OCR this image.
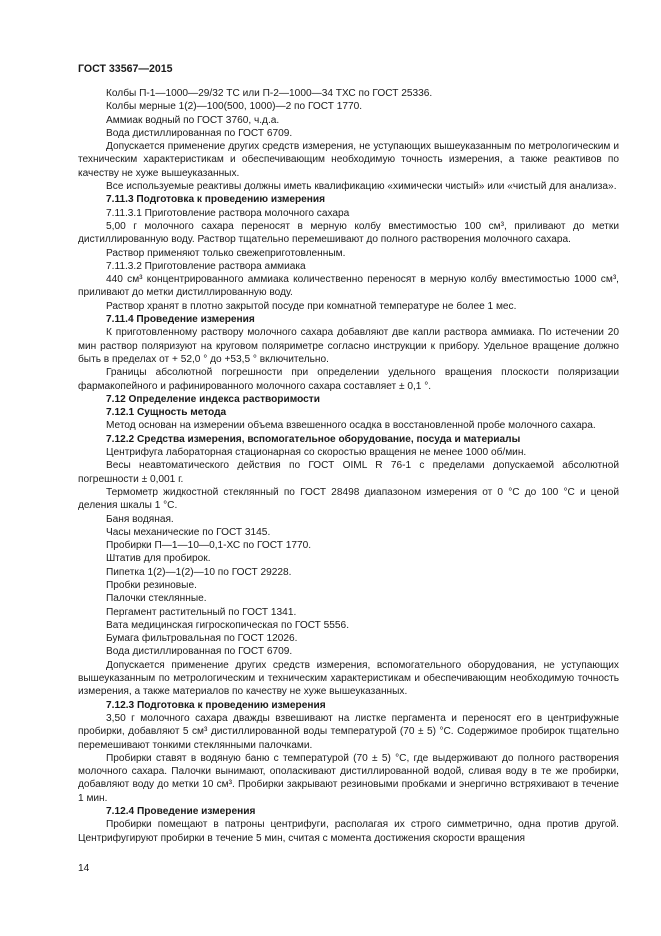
ГОСТ 33567—2015
Колбы П-1—1000—29/32 ТС или П-2—1000—34 ТХС по ГОСТ 25336.
Колбы мерные 1(2)—100(500, 1000)—2 по ГОСТ 1770.
Аммиак водный по ГОСТ 3760, ч.д.а.
Вода дистиллированная по ГОСТ 6709.
Допускается применение других средств измерения, не уступающих вышеуказанным по метрологическим и техническим характеристикам и обеспечивающим необходимую точность измерения, а также реактивов по качеству не хуже вышеуказанных.
Все используемые реактивы должны иметь квалификацию «химически чистый» или «чистый для анализа».
7.11.3 Подготовка к проведению измерения
7.11.3.1 Приготовление раствора молочного сахара
5,00 г молочного сахара переносят в мерную колбу вместимостью 100 см³, приливают до метки дистиллированную воду. Раствор тщательно перемешивают до полного растворения молочного сахара.
Раствор применяют только свежеприготовленным.
7.11.3.2 Приготовление раствора аммиака
440 см³ концентрированного аммиака количественно переносят в мерную колбу вместимостью 1000 см³, приливают до метки дистиллированную воду.
Раствор хранят в плотно закрытой посуде при комнатной температуре не более 1 мес.
7.11.4 Проведение измерения
К приготовленному раствору молочного сахара добавляют две капли раствора аммиака. По истечении 20 мин раствор поляризуют на круговом поляриметре согласно инструкции к прибору. Удельное вращение должно быть в пределах от + 52,0 ° до +53,5 ° включительно.
Границы абсолютной погрешности при определении удельного вращения плоскости поляризации фармакопейного и рафинированного молочного сахара составляет ± 0,1 °.
7.12 Определение индекса растворимости
7.12.1 Сущность метода
Метод основан на измерении объема взвешенного осадка в восстановленной пробе молочного сахара.
7.12.2 Средства измерения, вспомогательное оборудование, посуда и материалы
Центрифуга лабораторная стационарная со скоростью вращения не менее 1000 об/мин.
Весы неавтоматического действия по ГОСТ OIML R 76-1 с пределами допускаемой абсолютной погрешности ± 0,001 г.
Термометр жидкостной стеклянный по ГОСТ 28498 диапазоном измерения от 0 °С до 100 °С и ценой деления шкалы 1 °С.
Баня водяная.
Часы механические по ГОСТ 3145.
Пробирки П—1—10—0,1-ХС по ГОСТ 1770.
Штатив для пробирок.
Пипетка 1(2)—1(2)—10 по ГОСТ 29228.
Пробки резиновые.
Палочки стеклянные.
Пергамент растительный по ГОСТ 1341.
Вата медицинская гигроскопическая по ГОСТ 5556.
Бумага фильтровальная по ГОСТ 12026.
Вода дистиллированная по ГОСТ 6709.
Допускается применение других средств измерения, вспомогательного оборудования, не уступающих вышеуказанным по метрологическим и техническим характеристикам и обеспечивающим необходимую точность измерения, а также материалов по качеству не хуже вышеуказанных.
7.12.3 Подготовка к проведению измерения
3,50 г молочного сахара дважды взвешивают на листке пергамента и переносят его в центрифужные пробирки, добавляют 5 см³ дистиллированной воды температурой (70 ± 5) °С. Содержимое пробирок тщательно перемешивают тонкими стеклянными палочками.
Пробирки ставят в водяную баню с температурой (70 ± 5) °С, где выдерживают до полного растворения молочного сахара. Палочки вынимают, ополаскивают дистиллированной водой, сливая воду в те же пробирки, добавляют воду до метки 10 см³. Пробирки закрывают резиновыми пробками и энергично встряхивают в течение 1 мин.
7.12.4 Проведение измерения
Пробирки помещают в патроны центрифуги, располагая их строго симметрично, одна против другой. Центрифугируют пробирки в течение 5 мин, считая с момента достижения скорости вращения
14
